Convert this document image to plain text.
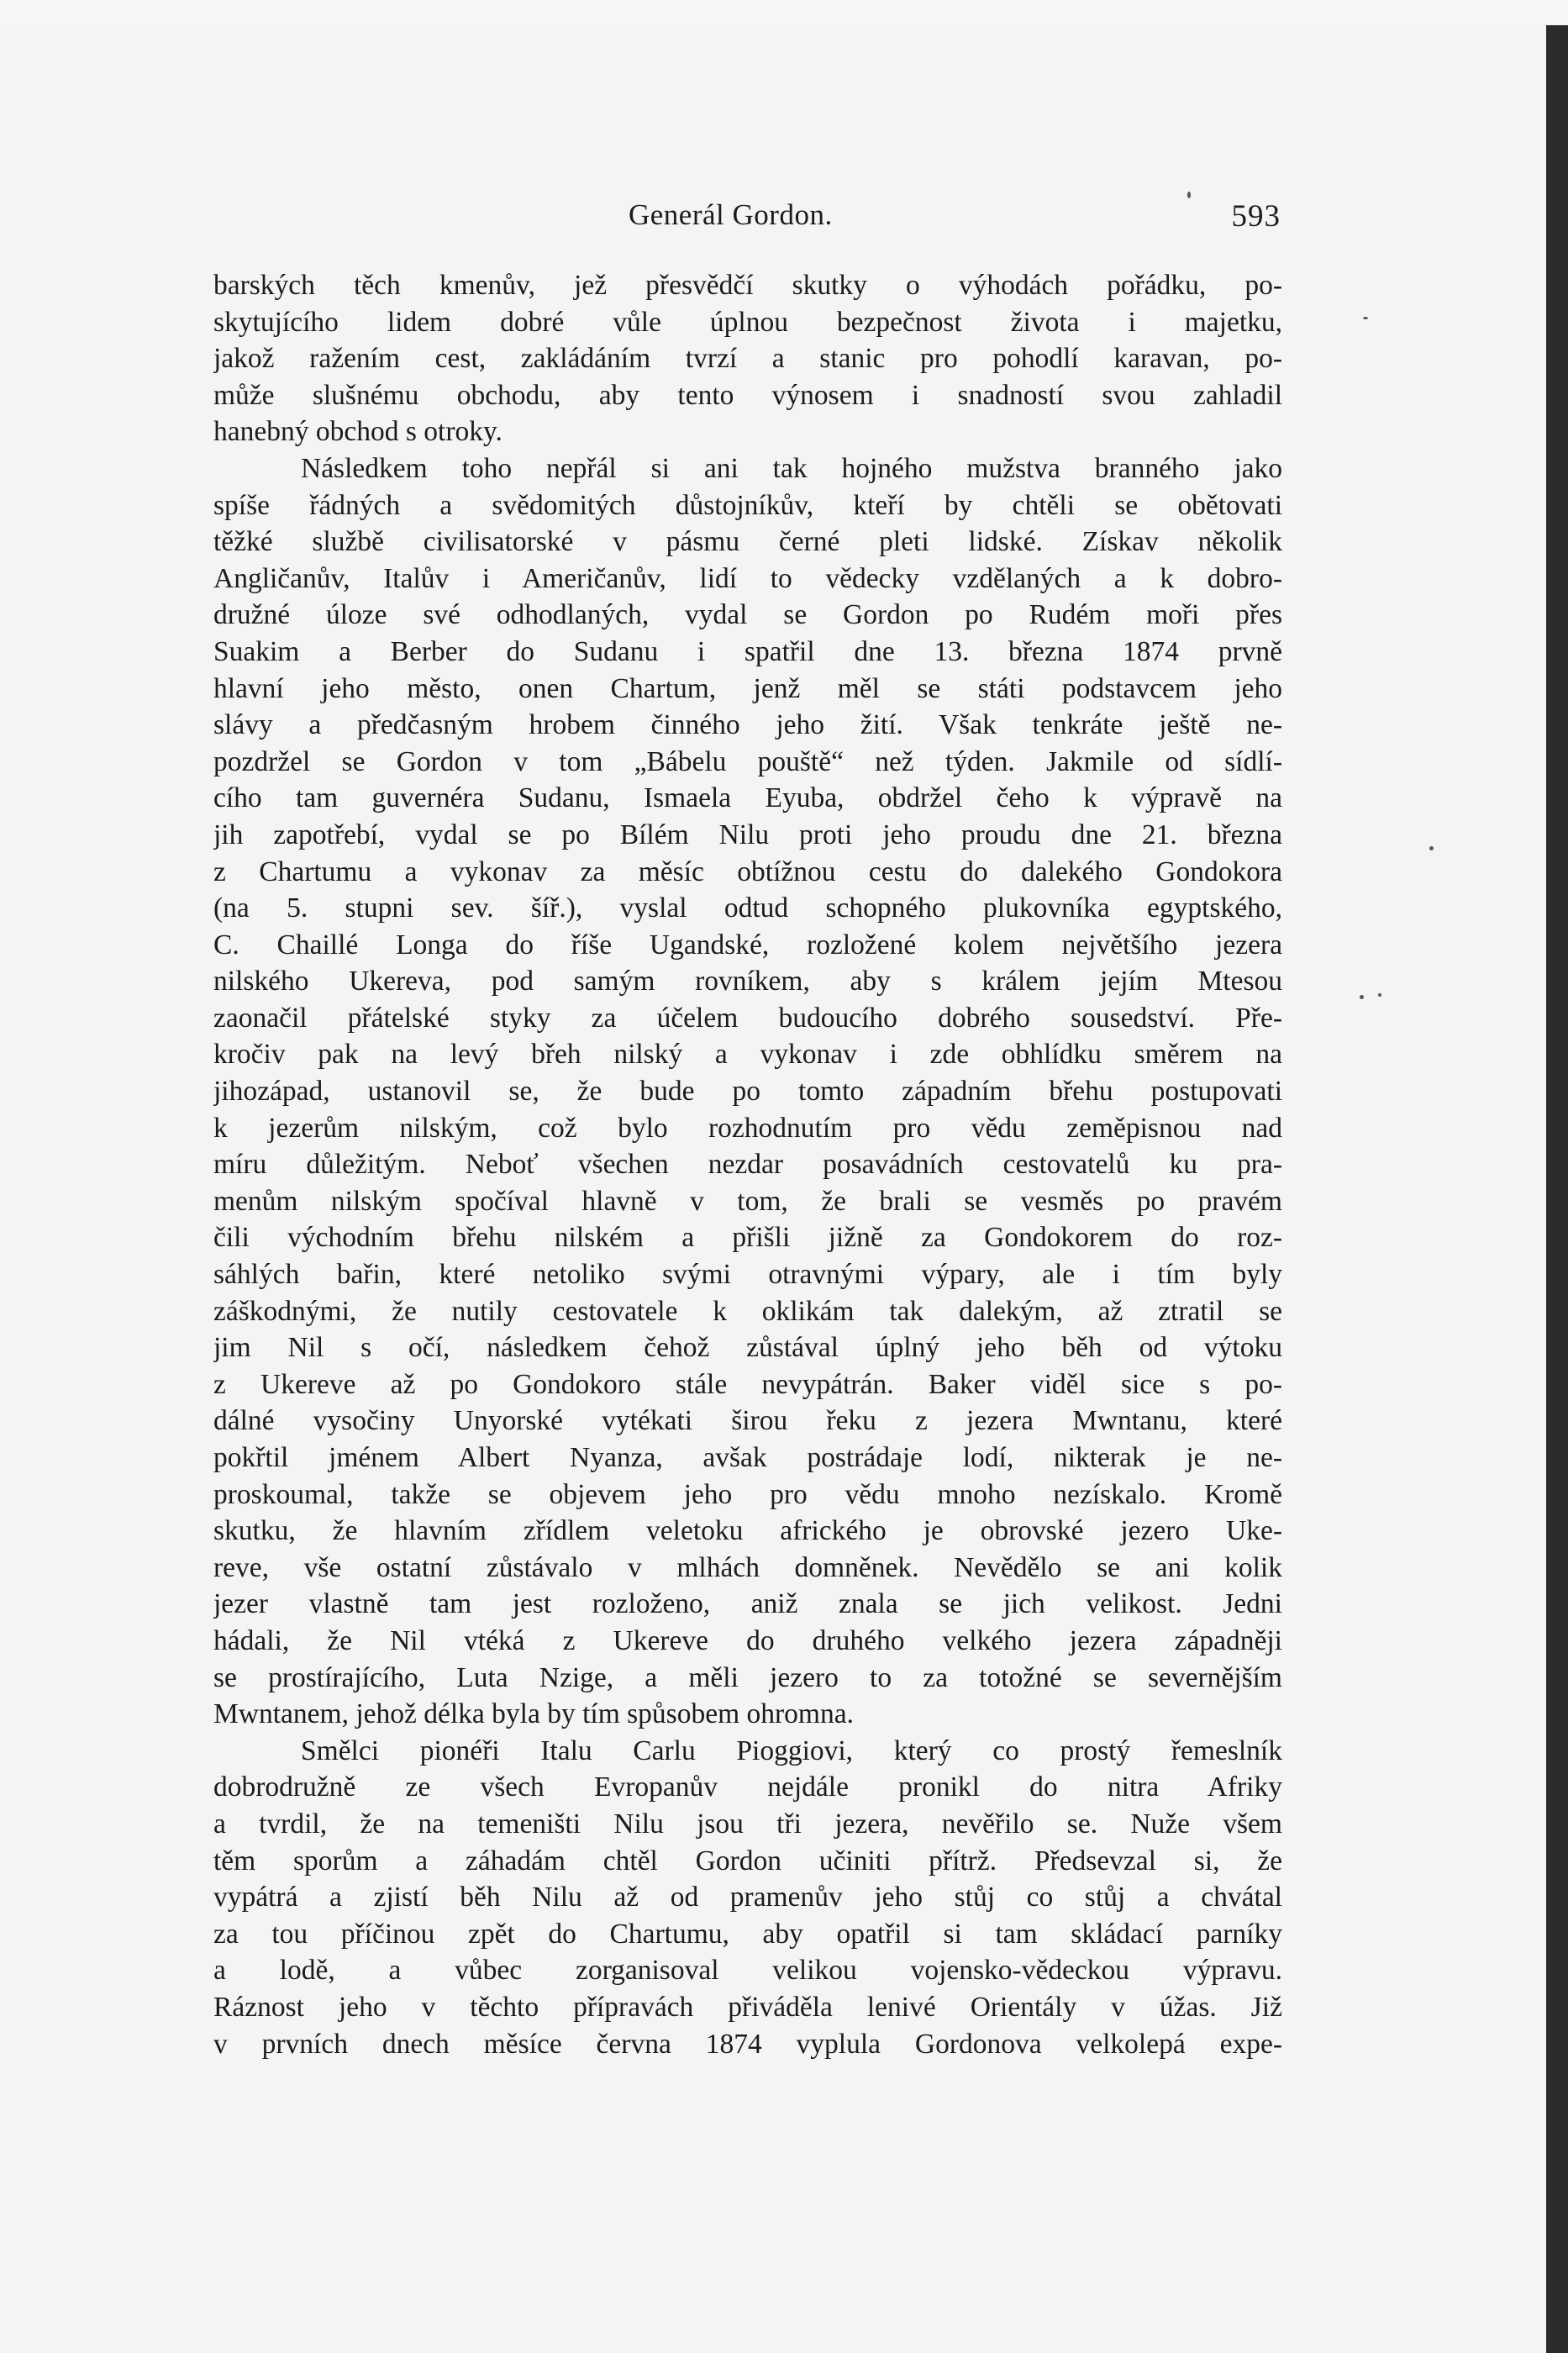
Generál Gordon.	593
barských těch kmenův, jež přesvědčí skutky o výhodách pořádku, po-
skytujícího lidem dobré vůle úplnou bezpečnost života i majetku,
jakož ražením cest, zakládáním tvrzí a stanic pro pohodlí karavan, po-
může slušnému obchodu, aby tento výnosem i snadností svou zahladil
hanebný obchod s otroky.
Následkem toho nepřál si ani tak hojného mužstva branného jako
spíše řádných a svědomitých důstojníkův, kteří by chtěli se obětovati
těžké službě civilisatorské v pásmu černé pleti lidské. Získav několik
Angličanův, Italův i Američanův, lidí to vědecky vzdělaných a k dobro-
družné úloze své odhodlaných, vydal se Gordon po Rudém moři přes
Suakim a Berber do Sudanu i spatřil dne 13. března 1874 prvně
hlavní jeho město, onen Chartum, jenž měl se státi podstavcem jeho
slávy a předčasným hrobem činného jeho žití. Však tenkráte ještě ne-
pozdržel se Gordon v tom „Bábelu pouště“ než týden. Jakmile od sídlí-
cího tam guvernéra Sudanu, Ismaela Eyuba, obdržel čeho k výpravě na
jih zapotřebí, vydal se po Bílém Nilu proti jeho proudu dne 21. března
z Chartumu a vykonav za měsíc obtížnou cestu do dalekého Gondokora
(na 5. stupni sev. šíř.), vyslal odtud schopného plukovníka egyptského,
C. Chaillé Longa do říše Ugandské, rozložené kolem největšího jezera
nilského Ukereva, pod samým rovníkem, aby s králem jejím Mtesou
zaonačil přátelské styky za účelem budoucího dobrého sousedství. Pře-
kročiv pak na levý břeh nilský a vykonav i zde obhlídku směrem na
jihozápad, ustanovil se, že bude po tomto západním břehu postupovati
k jezerům nilským, což bylo rozhodnutím pro vědu zeměpisnou nad
míru důležitým. Neboť všechen nezdar posavádních cestovatelů ku pra-
menům nilským spočíval hlavně v tom, že brali se vesměs po pravém
čili východním břehu nilském a přišli jižně za Gondokorem do roz-
sáhlých bařin, které netoliko svými otravnými výpary, ale i tím byly
záškodnými, že nutily cestovatele k oklikám tak dalekým, až ztratil se
jim Nil s očí, následkem čehož zůstával úplný jeho běh od výtoku
z Ukereve až po Gondokoro stále nevypátrán. Baker viděl sice s po-
dálné vysočiny Unyorské vytékati širou řeku z jezera Mwntanu, které
pokřtil jménem Albert Nyanza, avšak postrádaje lodí, nikterak je ne-
proskoumal, takže se objevem jeho pro vědu mnoho nezískalo. Kromě
skutku, že hlavním zřídlem veletoku afrického je obrovské jezero Uke-
reve, vše ostatní zůstávalo v mlhách domněnek. Nevědělo se ani kolik
jezer vlastně tam jest rozloženo, aniž znala se jich velikost. Jedni
hádali, že Nil vtéká z Ukereve do druhého velkého jezera západněji
se prostírajícího, Luta Nzige, a měli jezero to za totožné se severnějším
Mwntanem, jehož délka byla by tím spůsobem ohromna.
Smělci pionéři Italu Carlu Pioggiovi, který co prostý řemeslník
dobrodružně ze všech Evropanův nejdále pronikl do nitra Afriky
a tvrdil, že na temeništi Nilu jsou tři jezera, nevěřilo se. Nuže všem
těm sporům a záhadám chtěl Gordon učiniti přítrž. Předsevzal si, že
vypátrá a zjistí běh Nilu až od pramenův jeho stůj co stůj a chvátal
za tou příčinou zpět do Chartumu, aby opatřil si tam skládací parníky
a lodě, a vůbec zorganisoval velikou vojensko-vědeckou výpravu.
Ráznost jeho v těchto přípravách přiváděla lenivé Orientály v úžas. Již
v prvních dnech měsíce června 1874 vyplula Gordonova velkolepá expe-
